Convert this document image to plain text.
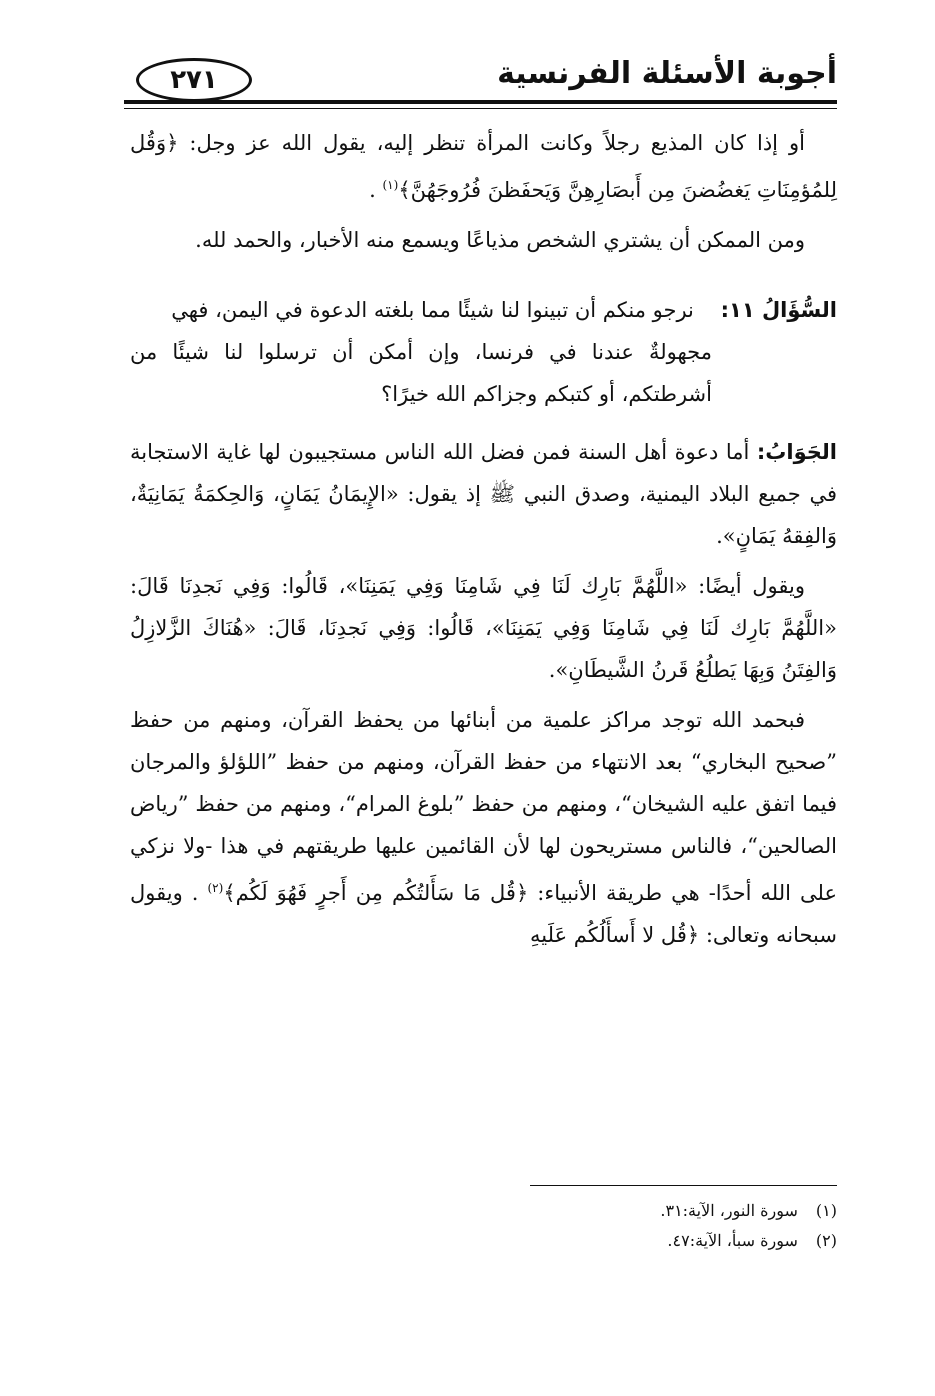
أجوبة الأسئلة الفرنسية
٢٧١

أو إذا كان المذيع رجلاً وكانت المرأة تنظر إليه، يقول الله عز وجل: ﴿وَقُل لِلمُؤمِنَاتِ يَغضُضنَ مِن أَبصَارِهِنَّ وَيَحفَظنَ فُرُوجَهُنَّ﴾$^{(١)}$ .

ومن الممكن أن يشتري الشخص مذياعًا ويسمع منه الأخبار، والحمد لله.

السُّؤَالُ ١١:    نرجو منكم أن تبينوا لنا شيئًا مما بلغته الدعوة في اليمن، فهي

مجهولةٌ عندنا في فرنسا، وإن أمكن أن ترسلوا لنا شيئًا من أشرطتكم، أو كتبكم وجزاكم الله خيرًا؟

الجَوَابُ: أما دعوة أهل السنة فمن فضل الله الناس مستجيبون لها غاية الاستجابة في جميع البلاد اليمنية، وصدق النبي ﷺ إذ يقول: «الإِيمَانُ يَمَانٍ، وَالحِكمَةُ يَمَانِيَةٌ، وَالفِقهُ يَمَانٍ».

ويقول أيضًا: «اللَّهُمَّ بَارِك لَنَا فِي شَامِنَا وَفِي يَمَنِنَا»، قَالُوا: وَفِي نَجدِنَا قَالَ: «اللَّهُمَّ بَارِك لَنَا فِي شَامِنَا وَفِي يَمَنِنَا»، قَالُوا: وَفِي نَجدِنَا، قَالَ: «هُنَاكَ الزَّلازِلُ وَالفِتَنُ وَبِهَا يَطلُعُ قَرنُ الشَّيطَانِ».

فبحمد الله توجد مراكز علمية من أبنائها من يحفظ القرآن، ومنهم من حفظ ”صحيح البخاري“ بعد الانتهاء من حفظ القرآن، ومنهم من حفظ ”اللؤلؤ والمرجان فيما اتفق عليه الشيخان“، ومنهم من حفظ ”بلوغ المرام“، ومنهم من حفظ ”رياض الصالحين“، فالناس مستريحون لها لأن القائمين عليها طريقتهم في هذا -ولا نزكي على الله أحدًا- هي طريقة الأنبياء: ﴿قُل مَا سَأَلتُكُم مِن أَجرٍ فَهُوَ لَكُم﴾$^{(٢)}$ . ويقول سبحانه وتعالى: ﴿قُل لا أَسأَلُكُم عَلَيهِ

(١) سورة النور، الآية:٣١.

(٢) سورة سبأ، الآية:٤٧.
